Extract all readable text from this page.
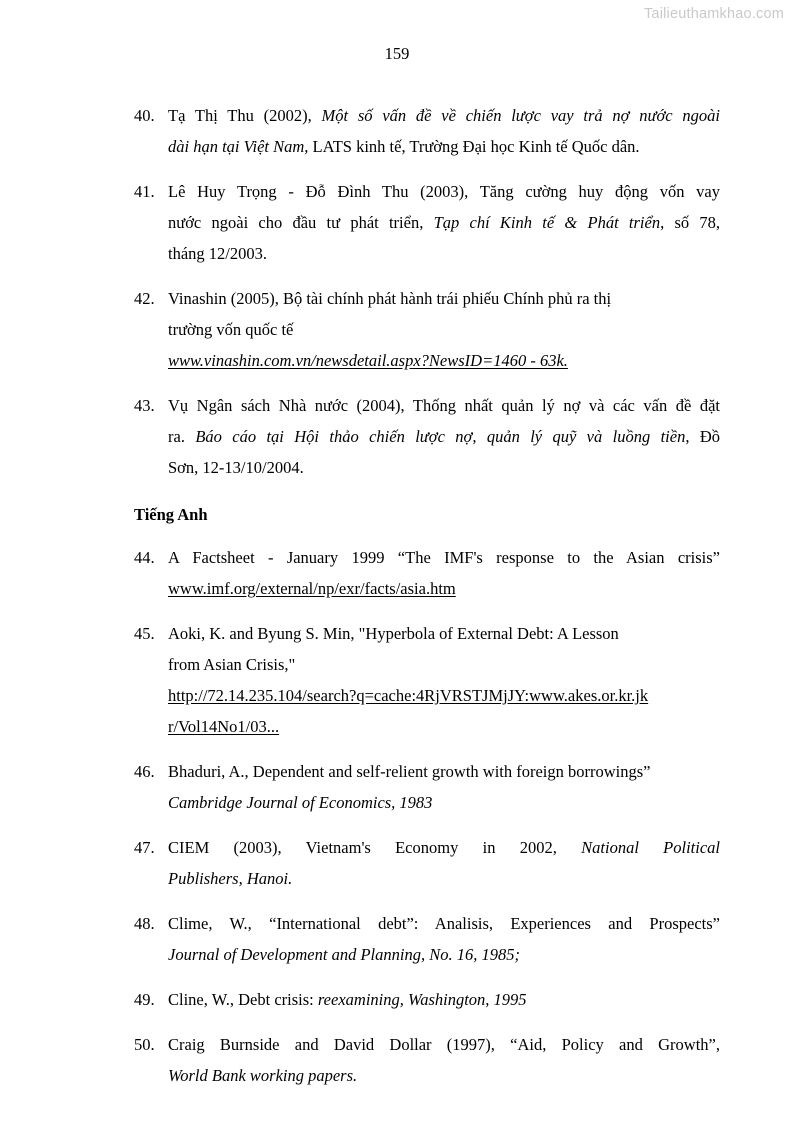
Tailieuthamkhao.com
159
40. Tạ Thị Thu (2002), Một số vấn đề về chiến lược vay trả nợ nước ngoài
dài hạn tại Việt Nam, LATS kinh tế, Trường Đại học Kinh tế Quốc dân.
41. Lê Huy Trọng - Đỗ Đình Thu (2003), Tăng cường huy động vốn vay
nước ngoài cho đầu tư phát triển, Tạp chí Kinh tế & Phát triển, số 78,
tháng 12/2003.
42. Vinashin (2005), Bộ tài chính phát hành trái phiếu Chính phủ ra thị
trường vốn quốc tế
www.vinashin.com.vn/newsdetail.aspx?NewsID=1460 - 63k.
43. Vụ Ngân sách Nhà nước (2004), Thống nhất quản lý nợ và các vấn đề đặt
ra. Báo cáo tại Hội thảo chiến lược nợ, quản lý quỹ và luồng tiền, Đồ
Sơn, 12-13/10/2004.
Tiếng Anh
44. A Factsheet - January 1999 “The IMF's response to the Asian crisis”
www.imf.org/external/np/exr/facts/asia.htm
45. Aoki, K. and Byung S. Min, "Hyperbola of External Debt: A Lesson
from Asian Crisis,"
http://72.14.235.104/search?q=cache:4RjVRSTJMjJY:www.akes.or.kr.jk
r/Vol14No1/03...
46. Bhaduri, A., Dependent and self-relient growth with foreign borrowings”
Cambridge Journal of Economics, 1983
47. CIEM (2003), Vietnam's Economy in 2002, National Political
Publishers, Hanoi.
48. Clime, W., “International debt”: Analisis, Experiences and Prospects”
Journal of Development and Planning, No. 16, 1985;
49. Cline, W., Debt crisis: reexamining, Washington, 1995
50. Craig Burnside and David Dollar (1997), “Aid, Policy and Growth”,
World Bank working papers.
